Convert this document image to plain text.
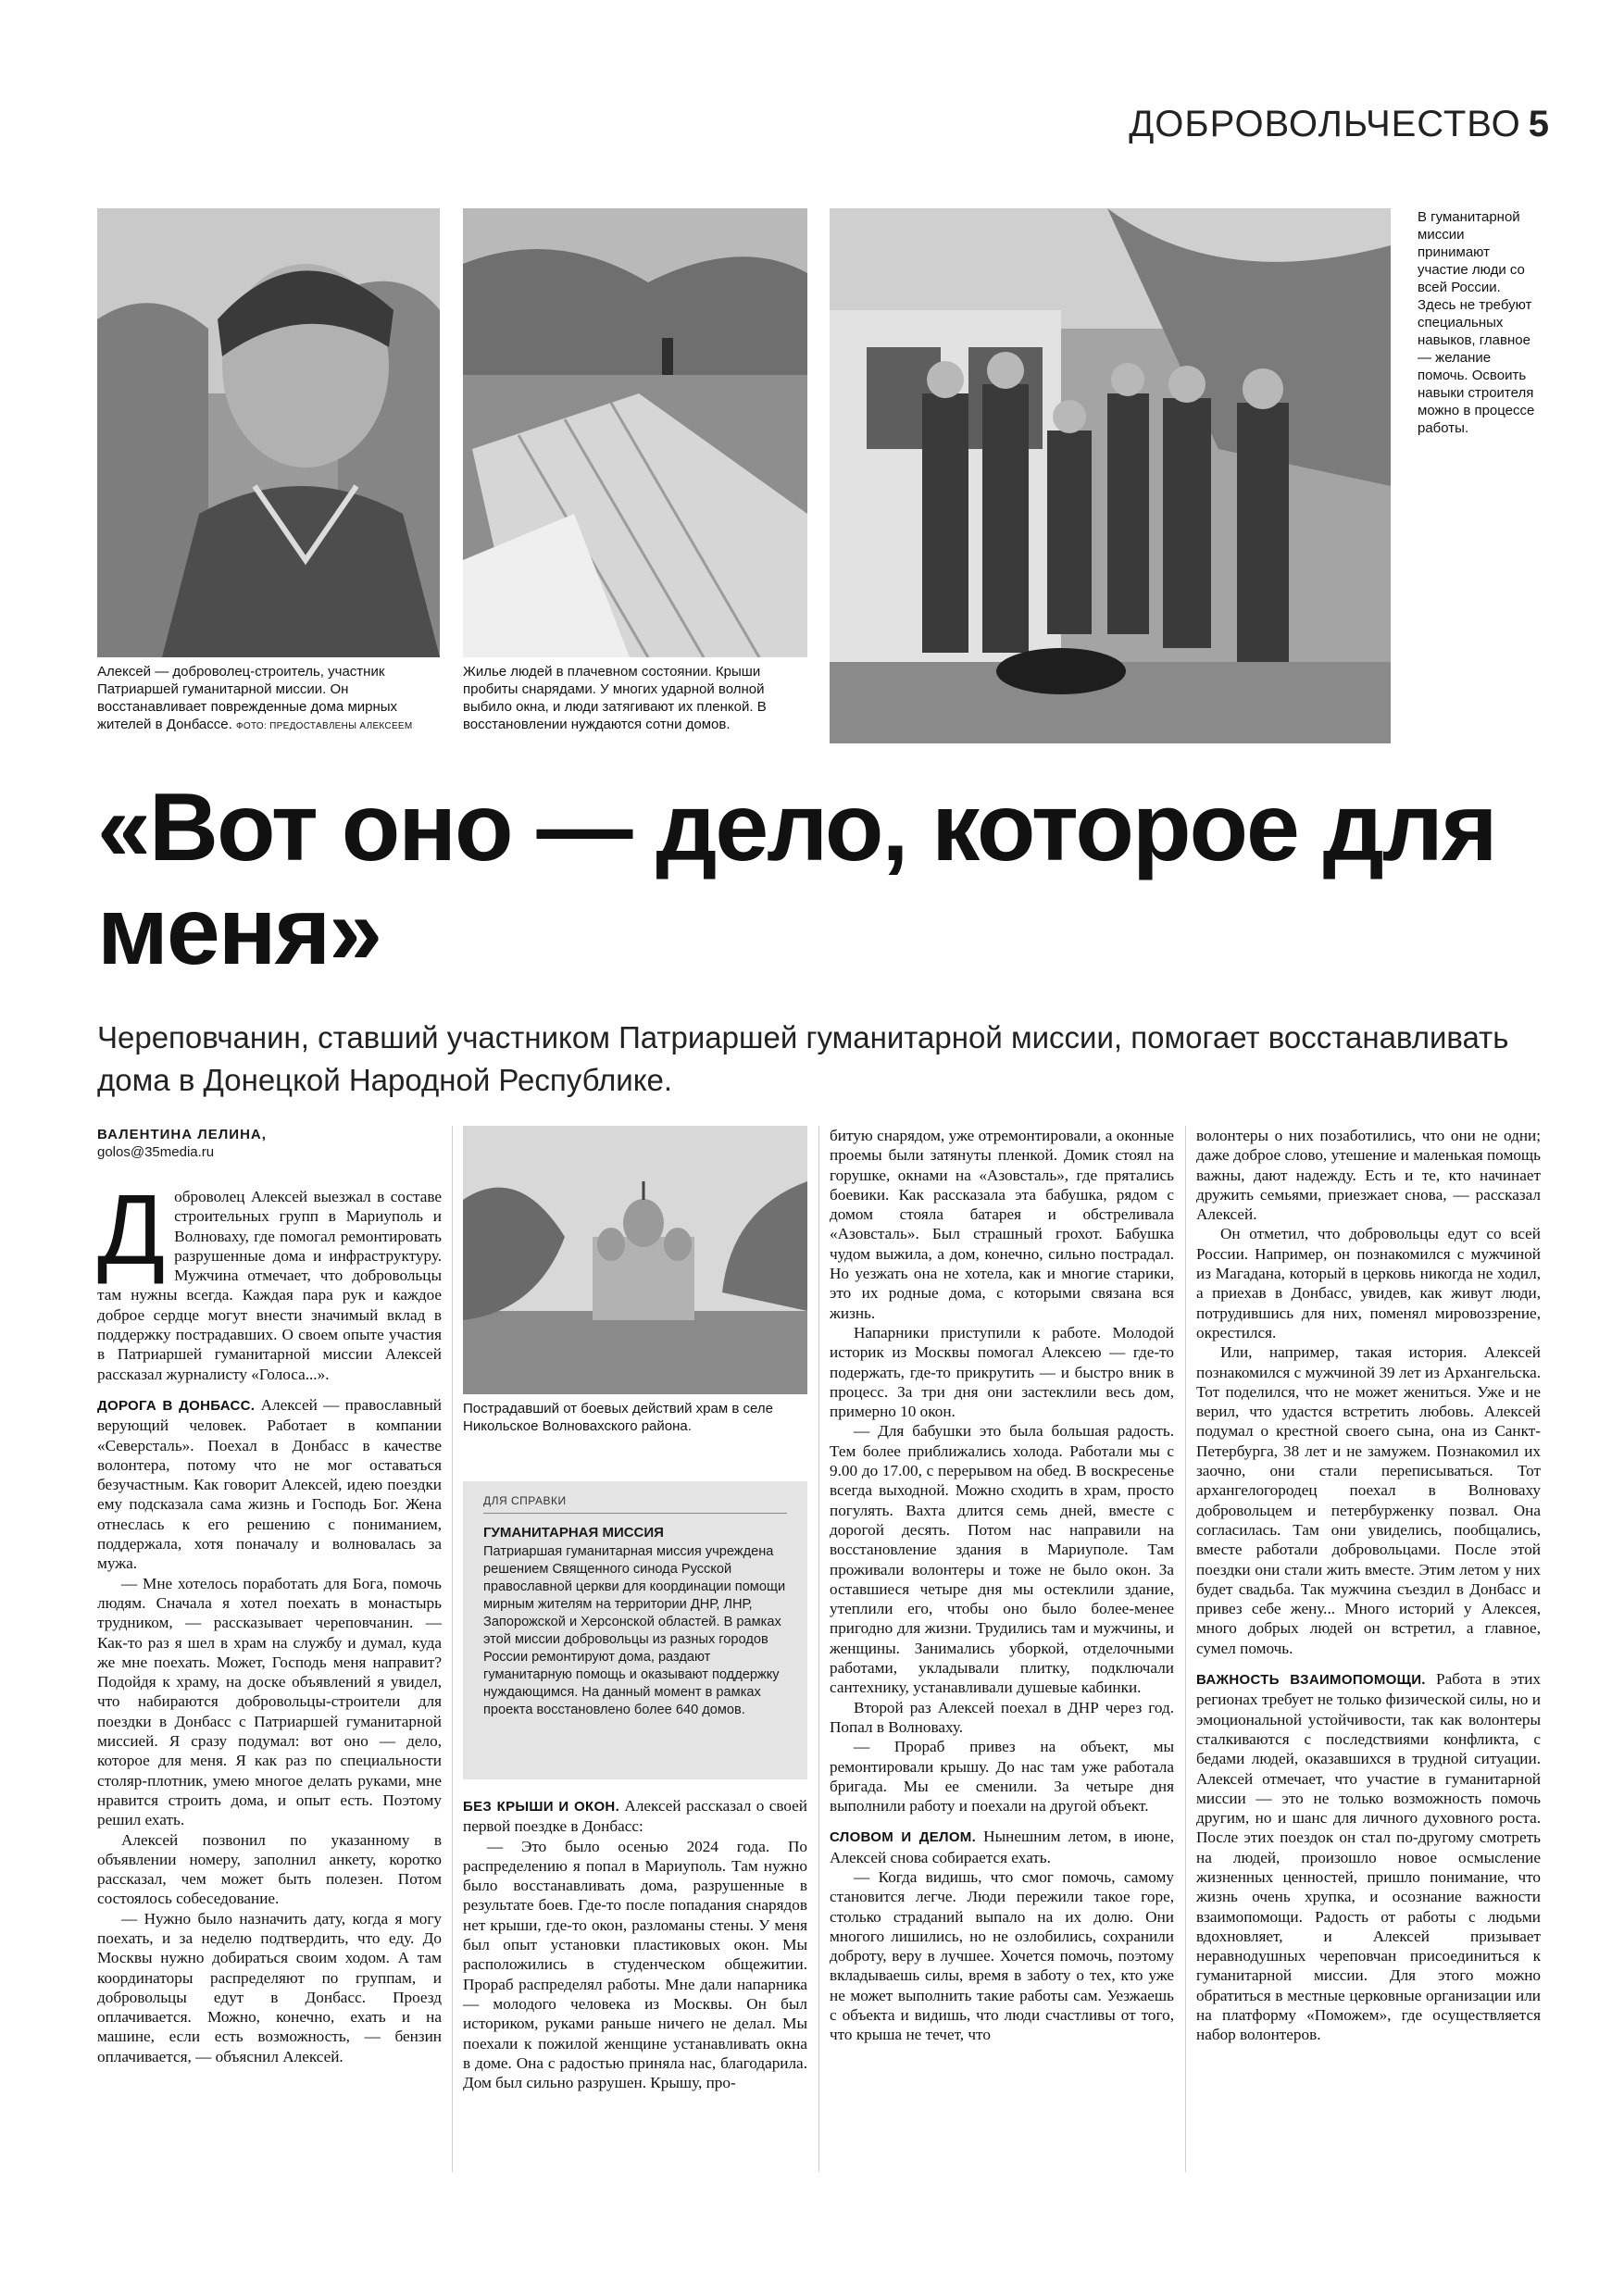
ДОБРОВОЛЬЧЕСТВО 5
Алексей — доброволец-строитель, участник Патриаршей гуманитарной миссии. Он восстанавливает поврежденные дома мирных жителей в Донбассе. ФОТО: ПРЕДОСТАВЛЕНЫ АЛЕКСЕЕМ
Жилье людей в плачевном состоянии. Крыши пробиты снарядами. У многих ударной волной выбило окна, и люди затягивают их пленкой. В восстановлении нуждаются сотни домов.
В гуманитарной миссии принимают участие люди со всей России. Здесь не требуют специальных навыков, главное — желание помочь. Освоить навыки строителя можно в процессе работы.
«Вот оно — дело, которое для меня»
Череповчанин, ставший участником Патриаршей гуманитарной миссии, помогает восстанавливать дома в Донецкой Народной Республике.
ВАЛЕНТИНА ЛЕЛИНА,
golos@35media.ru

Доброволец Алексей выезжал в составе строительных групп в Мариуполь и Волноваху, где помогал ремонтировать разрушенные дома и инфраструктуру. Мужчина отмечает, что добровольцы там нужны всегда. Каждая пара рук и каждое доброе сердце могут внести значимый вклад в поддержку пострадавших. О своем опыте участия в Патриаршей гуманитарной миссии Алексей рассказал журналисту «Голоса...».

ДОРОГА В ДОНБАСС. Алексей — православный верующий человек. Работает в компании «Северсталь». Поехал в Донбасс в качестве волонтера, потому что не мог оставаться безучастным. Как говорит Алексей, идею поездки ему подсказала сама жизнь и Господь Бог. Жена отнеслась к его решению с пониманием, поддержала, хотя поначалу и волновалась за мужа.

— Мне хотелось поработать для Бога, помочь людям. Сначала я хотел поехать в монастырь трудником, — рассказывает череповчанин. — Как-то раз я шел в храм на службу и думал, куда же мне поехать. Может, Господь меня направит? Подойдя к храму, на доске объявлений я увидел, что набираются добровольцы-строители для поездки в Донбасс с Патриаршей гуманитарной миссией. Я сразу подумал: вот оно — дело, которое для меня. Я как раз по специальности столяр-плотник, умею многое делать руками, мне нравится строить дома, и опыт есть. Поэтому решил ехать.

Алексей позвонил по указанному в объявлении номеру, заполнил анкету, коротко рассказал, чем может быть полезен. Потом состоялось собеседование.

— Нужно было назначить дату, когда я могу поехать, и за неделю подтвердить, что еду. До Москвы нужно добираться своим ходом. А там координаторы распределяют по группам, и добровольцы едут в Донбасс. Проезд оплачивается. Можно, конечно, ехать и на машине, если есть возможность, — бензин оплачивается, — объяснил Алексей.

Пострадавший от боевых действий храм в селе Никольское Волновахского района.
ДЛЯ СПРАВКИ
ГУМАНИТАРНАЯ МИССИЯ
Патриаршая гуманитарная миссия учреждена решением Священного синода Русской православной церкви для координации помощи мирным жителям на территории ДНР, ЛНР, Запорожской и Херсонской областей. В рамках этой миссии добровольцы из разных городов России ремонтируют дома, раздают гуманитарную помощь и оказывают поддержку нуждающимся. На данный момент в рамках проекта восстановлено более 640 домов.

БЕЗ КРЫШИ И ОКОН. Алексей рассказал о своей первой поездке в Донбасс:

— Это было осенью 2024 года. По распределению я попал в Мариуполь. Там нужно было восстанавливать дома, разрушенные в результате боев. Где-то после попадания снарядов нет крыши, где-то окон, разломаны стены. У меня был опыт установки пластиковых окон. Мы расположились в студенческом общежитии. Прораб распределял работы. Мне дали напарника — молодого человека из Москвы. Он был историком, руками раньше ничего не делал. Мы поехали к пожилой женщине устанавливать окна в доме. Она с радостью приняла нас, благодарила. Дом был сильно разрушен. Крышу, про-

битую снарядом, уже отремонтировали, а оконные проемы были затянуты пленкой. Домик стоял на горушке, окнами на «Азовсталь», где прятались боевики. Как рассказала эта бабушка, рядом с домом стояла батарея и обстреливала «Азовсталь». Был страшный грохот. Бабушка чудом выжила, а дом, конечно, сильно пострадал. Но уезжать она не хотела, как и многие старики, это их родные дома, с которыми связана вся жизнь.

Напарники приступили к работе. Молодой историк из Москвы помогал Алексею — где-то подержать, где-то прикрутить — и быстро вник в процесс. За три дня они застеклили весь дом, примерно 10 окон.

— Для бабушки это была большая радость. Тем более приближались холода. Работали мы с 9.00 до 17.00, с перерывом на обед. В воскресенье всегда выходной. Можно сходить в храм, просто погулять. Вахта длится семь дней, вместе с дорогой десять. Потом нас направили на восстановление здания в Мариуполе. Там проживали волонтеры и тоже не было окон. За оставшиеся четыре дня мы остеклили здание, утеплили его, чтобы оно было более-менее пригодно для жизни. Трудились там и мужчины, и женщины. Занимались уборкой, отделочными работами, укладывали плитку, подключали сантехнику, устанавливали душевые кабинки.

Второй раз Алексей поехал в ДНР через год. Попал в Волноваху.

— Прораб привез на объект, мы ремонтировали крышу. До нас там уже работала бригада. Мы ее сменили. За четыре дня выполнили работу и поехали на другой объект.

СЛОВОМ И ДЕЛОМ. Нынешним летом, в июне, Алексей снова собирается ехать.

— Когда видишь, что смог помочь, самому становится легче. Люди пережили такое горе, столько страданий выпало на их долю. Они многого лишились, но не озлобились, сохранили доброту, веру в лучшее. Хочется помочь, поэтому вкладываешь силы, время в заботу о тех, кто уже не может выполнить такие работы сам. Уезжаешь с объекта и видишь, что люди счастливы от того, что крыша не течет, что

волонтеры о них позаботились, что они не одни; даже доброе слово, утешение и маленькая помощь важны, дают надежду. Есть и те, кто начинает дружить семьями, приезжает снова, — рассказал Алексей.

Он отметил, что добровольцы едут со всей России. Например, он познакомился с мужчиной из Магадана, который в церковь никогда не ходил, а приехав в Донбасс, увидев, как живут люди, потрудившись для них, поменял мировоззрение, окрестился.

Или, например, такая история. Алексей познакомился с мужчиной 39 лет из Архангельска. Тот поделился, что не может жениться. Уже и не верил, что удастся встретить любовь. Алексей подумал о крестной своего сына, она из Санкт-Петербурга, 38 лет и не замужем. Познакомил их заочно, они стали переписываться. Тот архангелогородец поехал в Волноваху добровольцем и петербурженку позвал. Она согласилась. Там они увиделись, пообщались, вместе работали добровольцами. После этой поездки они стали жить вместе. Этим летом у них будет свадьба. Так мужчина съездил в Донбасс и привез себе жену... Много историй у Алексея, много добрых людей он встретил, а главное, сумел помочь.

ВАЖНОСТЬ ВЗАИМОПОМОЩИ. Работа в этих регионах требует не только физической силы, но и эмоциональной устойчивости, так как волонтеры сталкиваются с последствиями конфликта, с бедами людей, оказавшихся в трудной ситуации. Алексей отмечает, что участие в гуманитарной миссии — это не только возможность помочь другим, но и шанс для личного духовного роста. После этих поездок он стал по-другому смотреть на людей, произошло новое осмысление жизненных ценностей, пришло понимание, что жизнь очень хрупка, и осознание важности взаимопомощи. Радость от работы с людьми вдохновляет, и Алексей призывает неравнодушных череповчан присоединиться к гуманитарной миссии. Для этого можно обратиться в местные церковные организации или на платформу «Поможем», где осуществляется набор волонтеров.
